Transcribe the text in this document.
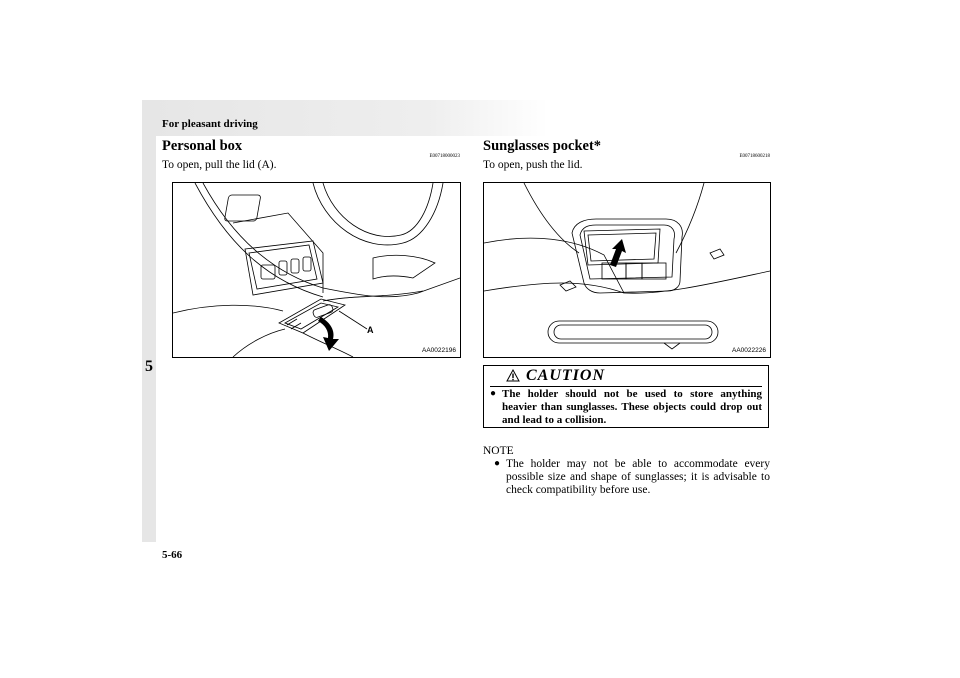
5
For pleasant driving
Personal box
E00718000023
To open, pull the lid (A).
A
AA0022196
Sunglasses pocket*
E00718600218
To open, push the lid.
AA0022226
CAUTION
● The holder should not be used to store anything heavier than sunglasses. These objects could drop out and lead to a collision.
NOTE
● The holder may not be able to accommodate every possible size and shape of sunglasses; it is advisable to check compatibility before use.
5-66
